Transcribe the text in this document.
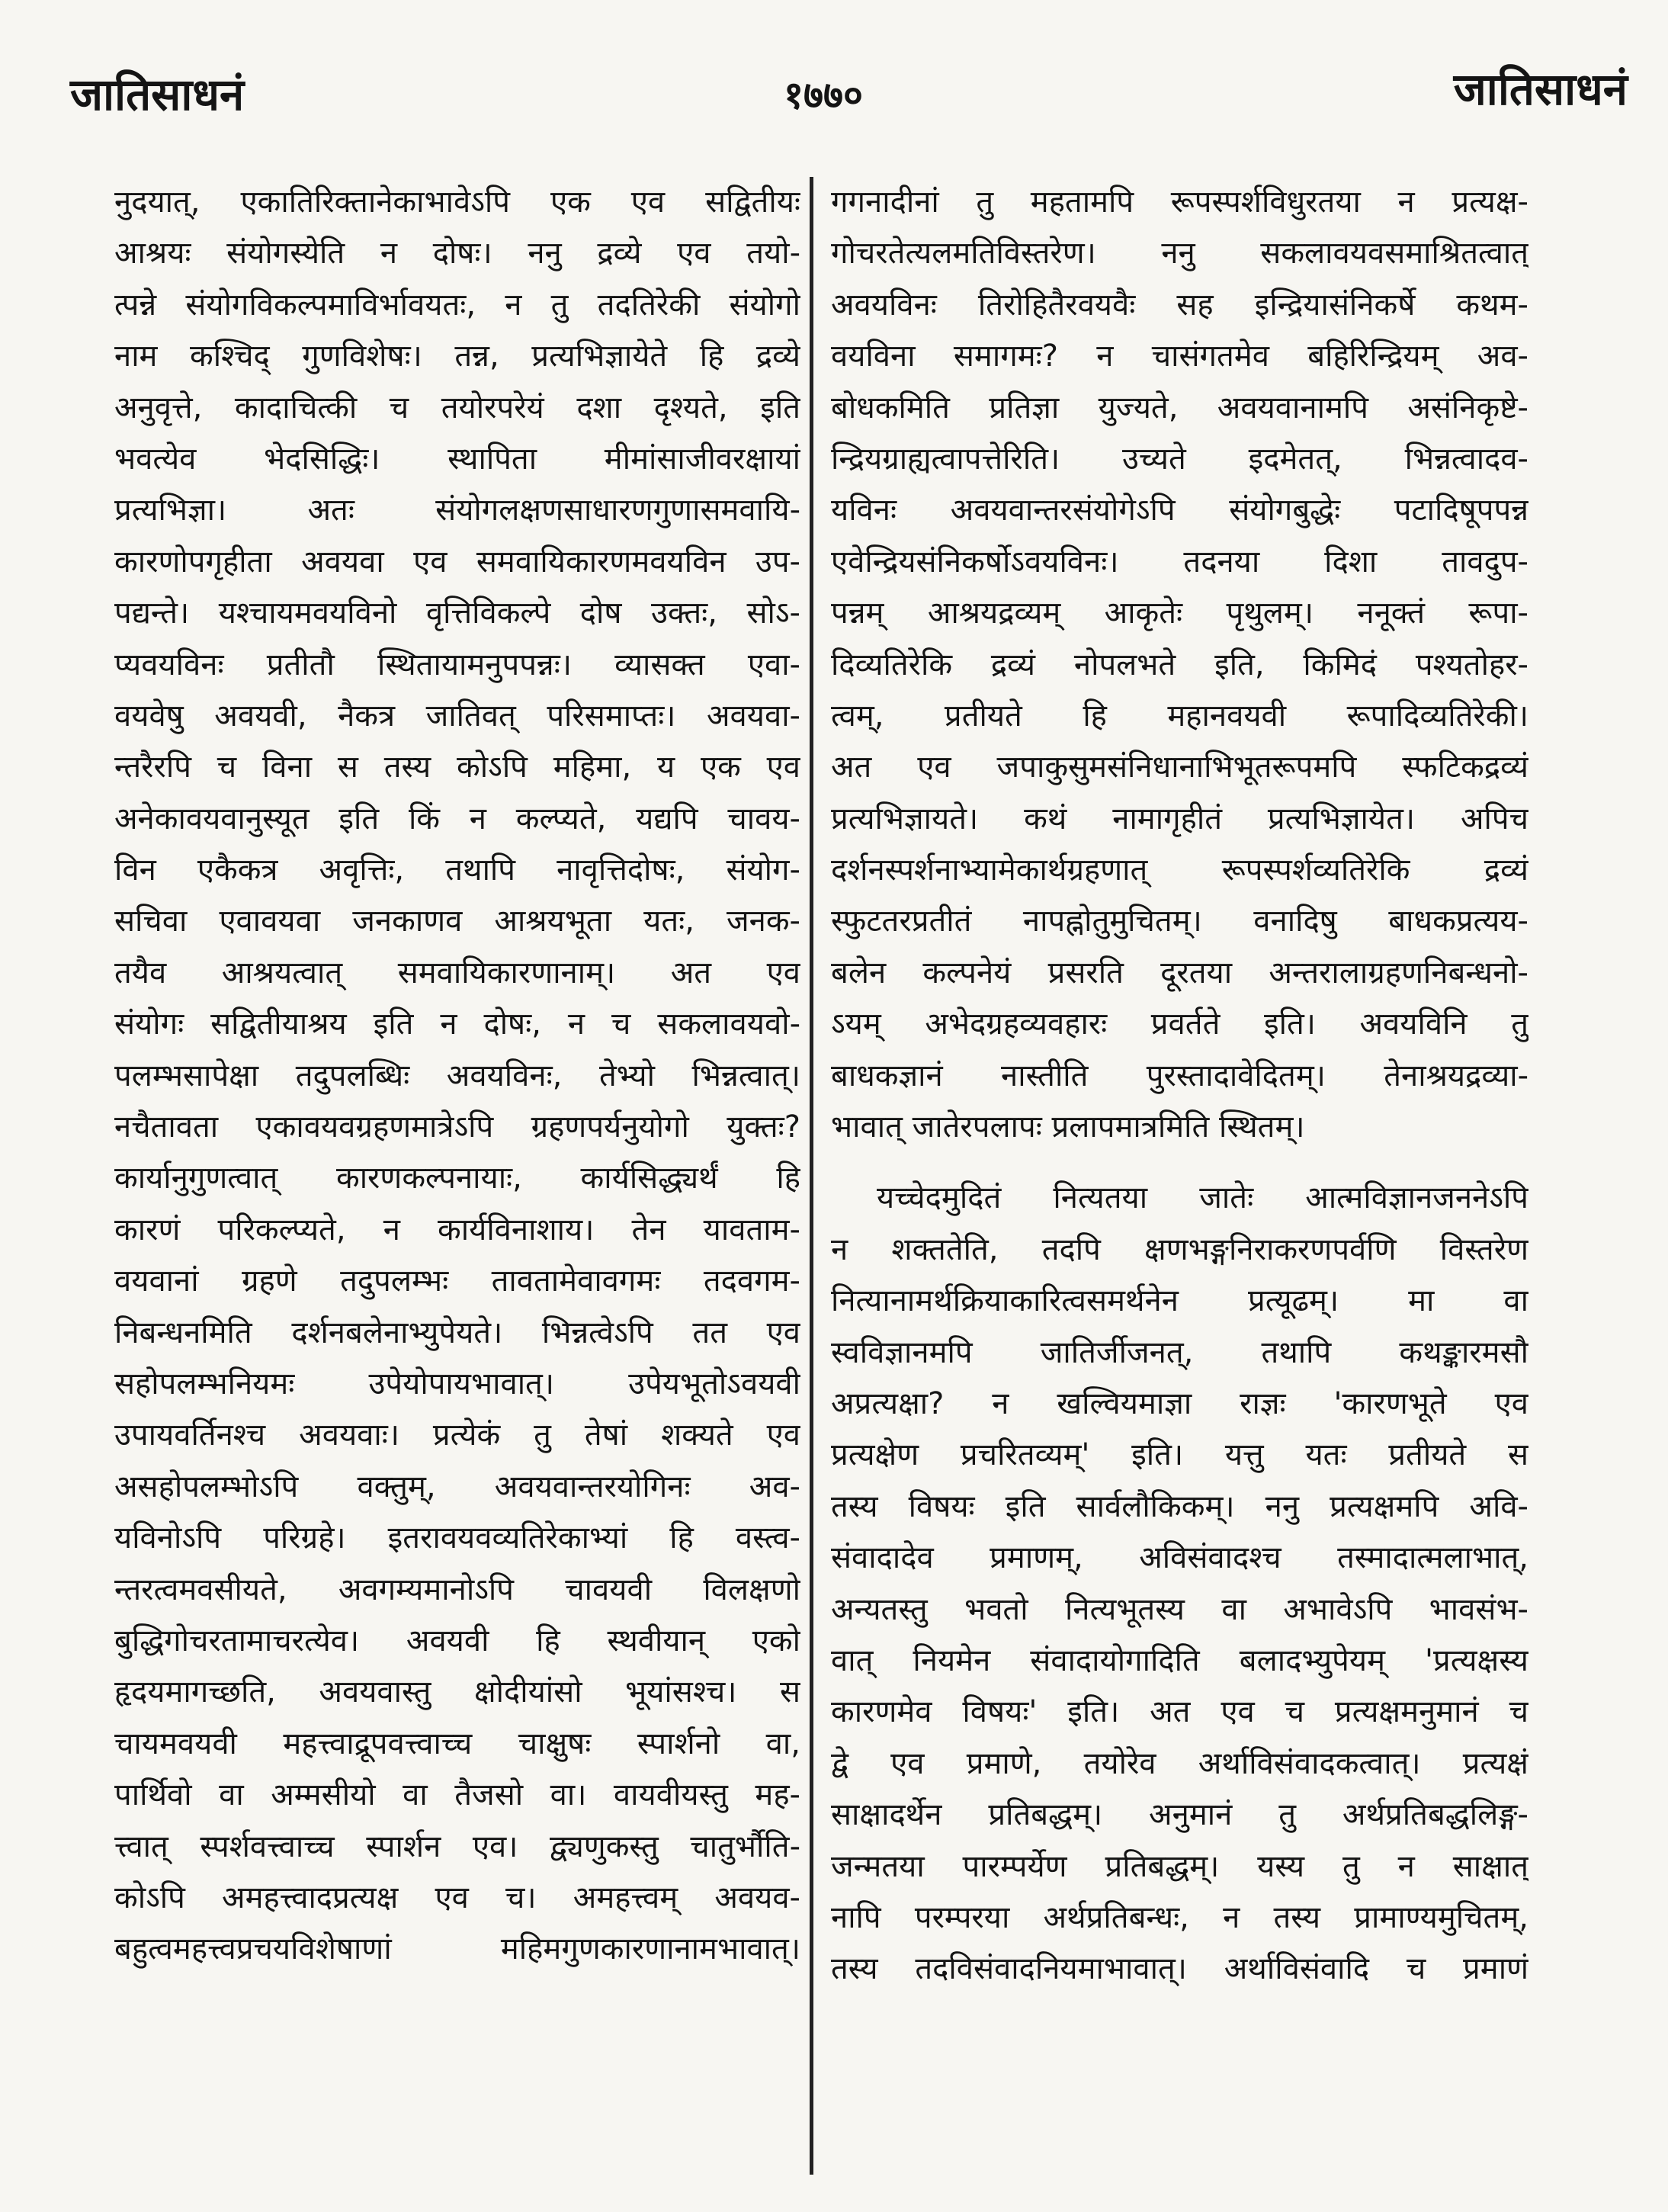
जातिसाधनं	१७७०	जातिसाधनं
नुदयात्, एकातिरिक्तानेकाभावेऽपि एक एव सद्वितीयः
आश्रयः संयोगस्येति न दोषः। ननु द्रव्ये एव तयो-
त्पन्ने संयोगविकल्पमाविर्भावयतः, न तु तदतिरेकी संयोगो
नाम कश्चिद् गुणविशेषः। तन्न, प्रत्यभिज्ञायेते हि द्रव्ये
अनुवृत्ते, कादाचित्की च तयोरपरेयं दशा दृश्यते, इति
भवत्येव भेदसिद्धिः। स्थापिता मीमांसाजीवरक्षायां
प्रत्यभिज्ञा। अतः संयोगलक्षणसाधारणगुणासमवायि-
कारणोपगृहीता अवयवा एव समवायिकारणमवयविन उप-
पद्यन्ते। यश्चायमवयविनो वृत्तिविकल्पे दोष उक्तः, सोऽ-
प्यवयविनः प्रतीतौ स्थितायामनुपपन्नः। व्यासक्त एवा-
वयवेषु अवयवी, नैकत्र जातिवत् परिसमाप्तः। अवयवा-
न्तरैरपि च विना स तस्य कोऽपि महिमा, य एक एव
अनेकावयवानुस्यूत इति किं न कल्प्यते, यद्यपि चावय-
विन एकैकत्र अवृत्तिः, तथापि नावृत्तिदोषः, संयोग-
सचिवा एवावयवा जनकाणव आश्रयभूता यतः, जनक-
तयैव आश्रयत्वात् समवायिकारणानाम्। अत एव
संयोगः सद्वितीयाश्रय इति न दोषः, न च सकलावयवो-
पलम्भसापेक्षा तदुपलब्धिः अवयविनः, तेभ्यो भिन्नत्वात्।
नचैतावता एकावयवग्रहणमात्रेऽपि ग्रहणपर्यनुयोगो युक्तः?
कार्यानुगुणत्वात् कारणकल्पनायाः, कार्यसिद्ध्यर्थं हि
कारणं परिकल्प्यते, न कार्यविनाशाय। तेन यावताम-
वयवानां ग्रहणे तदुपलम्भः तावतामेवावगमः तदवगम-
निबन्धनमिति दर्शनबलेनाभ्युपेयते। भिन्नत्वेऽपि तत एव
सहोपलम्भनियमः उपेयोपायभावात्। उपेयभूतोऽवयवी
उपायवर्तिनश्च अवयवाः। प्रत्येकं तु तेषां शक्यते एव
असहोपलम्भोऽपि वक्तुम्, अवयवान्तरयोगिनः अव-
यविनोऽपि परिग्रहे। इतरावयवव्यतिरेकाभ्यां हि वस्त्व-
न्तरत्वमवसीयते, अवगम्यमानोऽपि चावयवी विलक्षणो
बुद्धिगोचरतामाचरत्येव। अवयवी हि स्थवीयान् एको
हृदयमागच्छति, अवयवास्तु क्षोदीयांसो भूयांसश्च। स
चायमवयवी महत्त्वाद्रूपवत्त्वाच्च चाक्षुषः स्पार्शनो वा,
पार्थिवो वा अम्मसीयो वा तैजसो वा। वायवीयस्तु मह-
त्त्वात् स्पर्शवत्त्वाच्च स्पार्शन एव। द्व्यणुकस्तु चातुर्भौति-
कोऽपि अमहत्त्वादप्रत्यक्ष एव च। अमहत्त्वम् अवयव-
बहुत्वमहत्त्वप्रचयविशेषाणां महिमगुणकारणानामभावात्।
गगनादीनां तु महतामपि रूपस्पर्शविधुरतया न प्रत्यक्ष-
गोचरतेत्यलमतिविस्तरेण। ननु सकलावयवसमाश्रितत्वात्
अवयविनः तिरोहितैरवयवैः सह इन्द्रियासंनिकर्षे कथम-
वयविना समागमः? न चासंगतमेव बहिरिन्द्रियम् अव-
बोधकमिति प्रतिज्ञा युज्यते, अवयवानामपि असंनिकृष्टे-
न्द्रियग्राह्यत्वापत्तेरिति। उच्यते इदमेतत्, भिन्नत्वादव-
यविनः अवयवान्तरसंयोगेऽपि संयोगबुद्धेः पटादिषूपपन्न
एवेन्द्रियसंनिकर्षोऽवयविनः। तदनया दिशा तावदुप-
पन्नम् आश्रयद्रव्यम् आकृतेः पृथुलम्। ननूक्तं रूपा-
दिव्यतिरेकि द्रव्यं नोपलभते इति, किमिदं पश्यतोहर-
त्वम्, प्रतीयते हि महानवयवी रूपादिव्यतिरेकी।
अत एव जपाकुसुमसंनिधानाभिभूतरूपमपि स्फटिकद्रव्यं
प्रत्यभिज्ञायते। कथं नामागृहीतं प्रत्यभिज्ञायेत। अपिच
दर्शनस्पर्शनाभ्यामेकार्थग्रहणात् रूपस्पर्शव्यतिरेकि द्रव्यं
स्फुटतरप्रतीतं नापह्नोतुमुचितम्। वनादिषु बाधकप्रत्यय-
बलेन कल्पनेयं प्रसरति दूरतया अन्तरालाग्रहणनिबन्धनो-
ऽयम् अभेदग्रहव्यवहारः प्रवर्तते इति। अवयविनि तु
बाधकज्ञानं नास्तीति पुरस्तादावेदितम्। तेनाश्रयद्रव्या-
भावात् जातेरपलापः प्रलापमात्रमिति स्थितम्।
यच्चेदमुदितं नित्यतया जातेः आत्मविज्ञानजननेऽपि
न शक्ततेति, तदपि क्षणभङ्गनिराकरणपर्वणि विस्तरेण
नित्यानामर्थक्रियाकारित्वसमर्थनेन प्रत्यूढम्। मा वा
स्वविज्ञानमपि जातिर्जीजनत्, तथापि कथङ्कारमसौ
अप्रत्यक्षा? न खल्वियमाज्ञा राज्ञः 'कारणभूते एव
प्रत्यक्षेण प्रचरितव्यम्' इति। यत्तु यतः प्रतीयते स
तस्य विषयः इति सार्वलौकिकम्। ननु प्रत्यक्षमपि अवि-
संवादादेव प्रमाणम्, अविसंवादश्च तस्मादात्मलाभात्,
अन्यतस्तु भवतो नित्यभूतस्य वा अभावेऽपि भावसंभ-
वात् नियमेन संवादायोगादिति बलादभ्युपेयम् 'प्रत्यक्षस्य
कारणमेव विषयः' इति। अत एव च प्रत्यक्षमनुमानं च
द्वे एव प्रमाणे, तयोरेव अर्थाविसंवादकत्वात्। प्रत्यक्षं
साक्षादर्थेन प्रतिबद्धम्। अनुमानं तु अर्थप्रतिबद्धलिङ्ग-
जन्मतया पारम्पर्येण प्रतिबद्धम्। यस्य तु न साक्षात्
नापि परम्परया अर्थप्रतिबन्धः, न तस्य प्रामाण्यमुचितम्,
तस्य तदविसंवादनियमाभावात्। अर्थाविसंवादि च प्रमाणं
